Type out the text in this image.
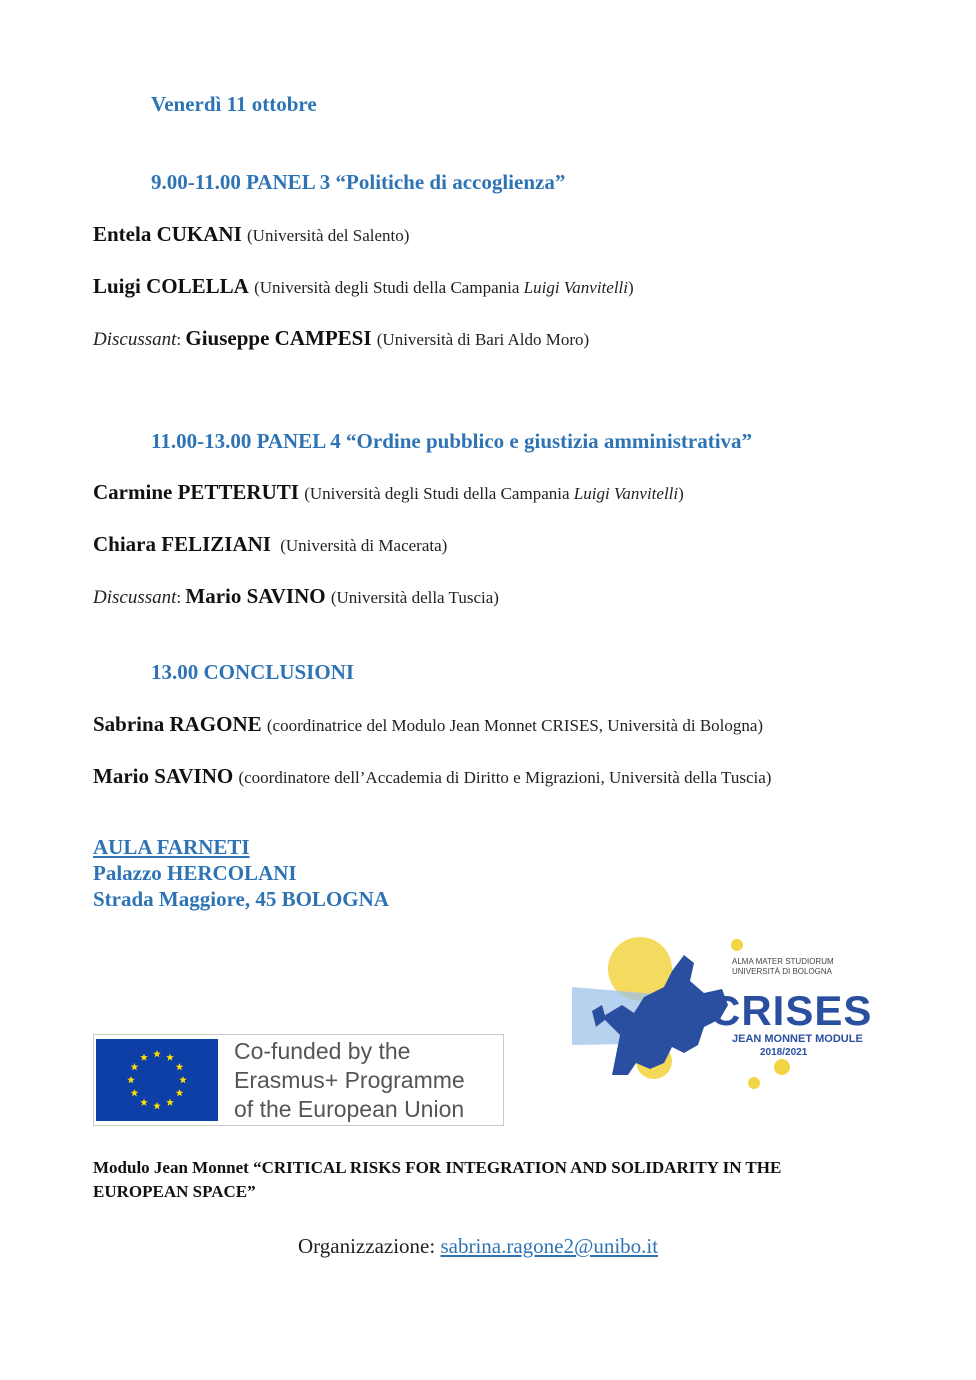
Venerdì 11 ottobre
9.00-11.00 PANEL 3 “Politiche di accoglienza”
Entela CUKANI (Università del Salento)
Luigi COLELLA (Università degli Studi della Campania Luigi Vanvitelli)
Discussant: Giuseppe CAMPESI (Università di Bari Aldo Moro)
11.00-13.00 PANEL 4 “Ordine pubblico e giustizia amministrativa”
Carmine PETTERUTI (Università degli Studi della Campania Luigi Vanvitelli)
Chiara FELIZIANI (Università di Macerata)
Discussant: Mario SAVINO (Università della Tuscia)
13.00 CONCLUSIONI
Sabrina RAGONE (coordinatrice del Modulo Jean Monnet CRISES, Università di Bologna)
Mario SAVINO (coordinatore dell’Accademia di Diritto e Migrazioni, Università della Tuscia)
AULA FARNETI
Palazzo HERCOLANI
Strada Maggiore, 45 BOLOGNA
ALMA MATER STUDIORUM
UNIVERSITÀ DI BOLOGNA
CRISES
JEAN MONNET MODULE
2018/2021
Co-funded by the
Erasmus+ Programme
of the European Union
Modulo Jean Monnet “CRITICAL RISKS FOR INTEGRATION AND SOLIDARITY IN THE EUROPEAN SPACE”
Organizzazione: sabrina.ragone2@unibo.it
